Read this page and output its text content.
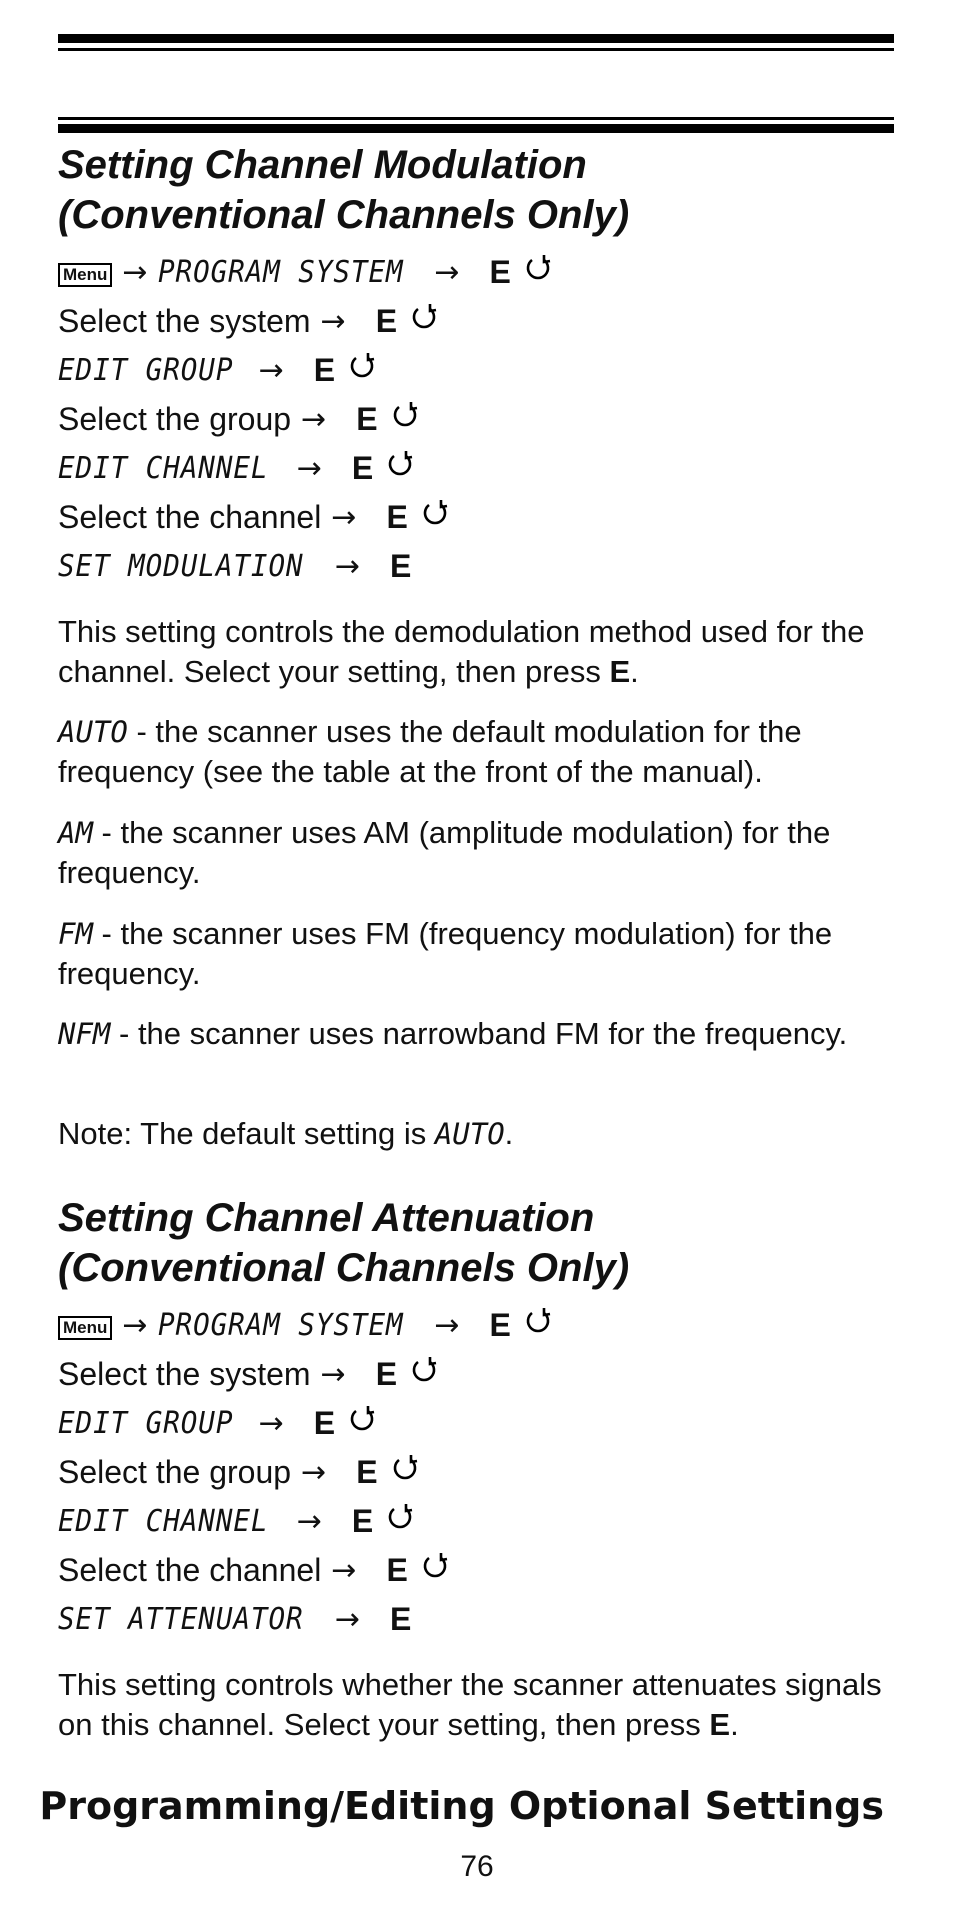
Setting Channel Modulation
(Conventional Channels Only)
Menu → PROGRAM SYSTEM → E
Select the system → E
EDIT GROUP → E
Select the group → E
EDIT CHANNEL → E
Select the channel → E
SET MODULATION → E
This setting controls the demodulation method used for the channel. Select your setting, then press E.
AUTO - the scanner uses the default modulation for the frequency (see the table at the front of the manual).
AM - the scanner uses AM (amplitude modulation) for the frequency.
FM - the scanner uses FM (frequency modulation) for the frequency.
NFM - the scanner uses narrowband FM for the frequency.
Note: The default setting is AUTO.
Setting Channel Attenuation
(Conventional Channels Only)
Menu → PROGRAM SYSTEM → E
Select the system → E
EDIT GROUP → E
Select the group → E
EDIT CHANNEL → E
Select the channel → E
SET ATTENUATOR → E
This setting controls whether the scanner attenuates signals on this channel. Select your setting, then press E.
Programming/Editing Optional Settings
76
